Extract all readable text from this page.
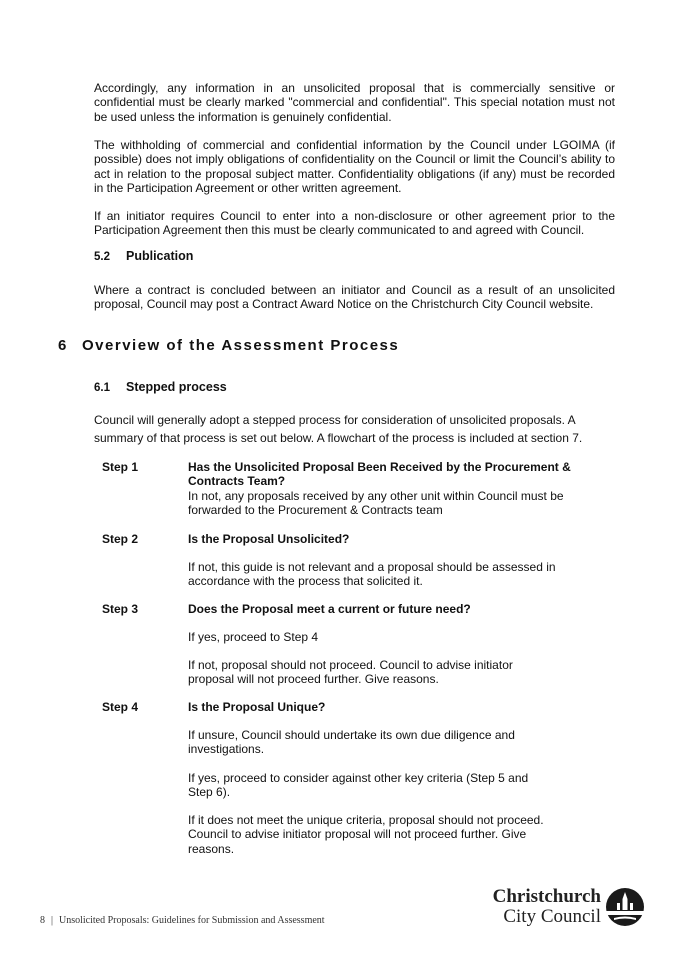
Accordingly, any information in an unsolicited proposal that is commercially sensitive or confidential must be clearly marked "commercial and confidential". This special notation must not be used unless the information is genuinely confidential.

The withholding of commercial and confidential information by the Council under LGOIMA (if possible) does not imply obligations of confidentiality on the Council or limit the Council’s ability to act in relation to the proposal subject matter. Confidentiality obligations (if any) must be recorded in the Participation Agreement or other written agreement.

If an initiator requires Council to enter into a non-disclosure or other agreement prior to the Participation Agreement then this must be clearly communicated to and agreed with Council.

5.2 Publication

Where a contract is concluded between an initiator and Council as a result of an unsolicited proposal, Council may post a Contract Award Notice on the Christchurch City Council website.

6 Overview of the Assessment Process
6.1 Stepped process

Council will generally adopt a stepped process for consideration of unsolicited proposals. A summary of that process is set out below. A flowchart of the process is included at section 7.

Step 1	Has the Unsolicited Proposal Been Received by the Procurement & Contracts Team?

In not, any proposals received by any other unit within Council must be forwarded to the Procurement & Contracts team

Step 2	Is the Proposal Unsolicited?

If not, this guide is not relevant and a proposal should be assessed in accordance with the process that solicited it.

Step 3	Does the Proposal meet a current or future need?

If yes, proceed to Step 4

If not, proposal should not proceed. Council to advise initiator proposal will not proceed further. Give reasons.

Step 4	Is the Proposal Unique?

If unsure, Council should undertake its own due diligence and investigations.

If yes, proceed to consider against other key criteria (Step 5 and Step 6).

If it does not meet the unique criteria, proposal should not proceed. Council to advise initiator proposal will not proceed further. Give reasons.

8 | Unsolicited Proposals: Guidelines for Submission and Assessment

Christchurch
City Council
